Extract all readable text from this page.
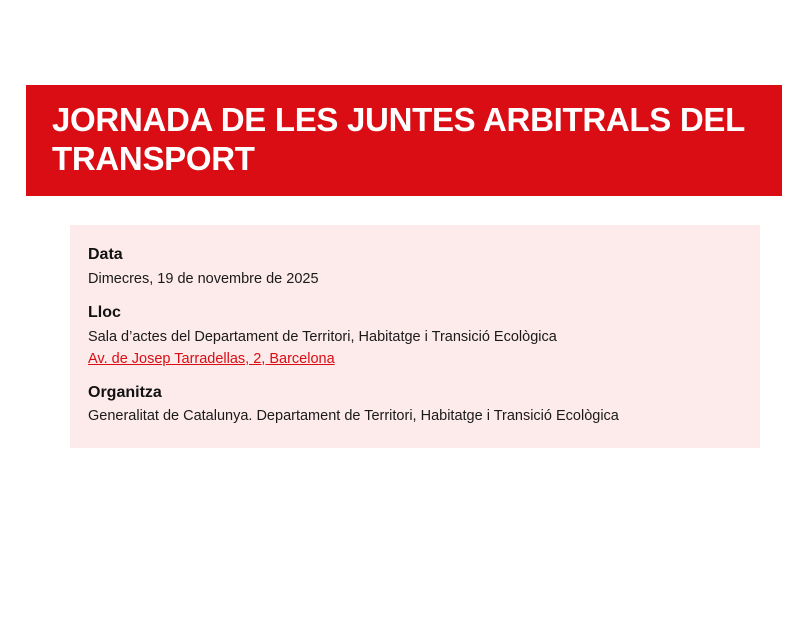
JORNADA DE LES JUNTES ARBITRALS DEL TRANSPORT
Data
Dimecres, 19 de novembre de 2025
Lloc
Sala d’actes del Departament de Territori, Habitatge i Transició Ecològica
Av. de Josep Tarradellas, 2, Barcelona
Organitza
Generalitat de Catalunya. Departament de Territori, Habitatge i Transició Ecològica
